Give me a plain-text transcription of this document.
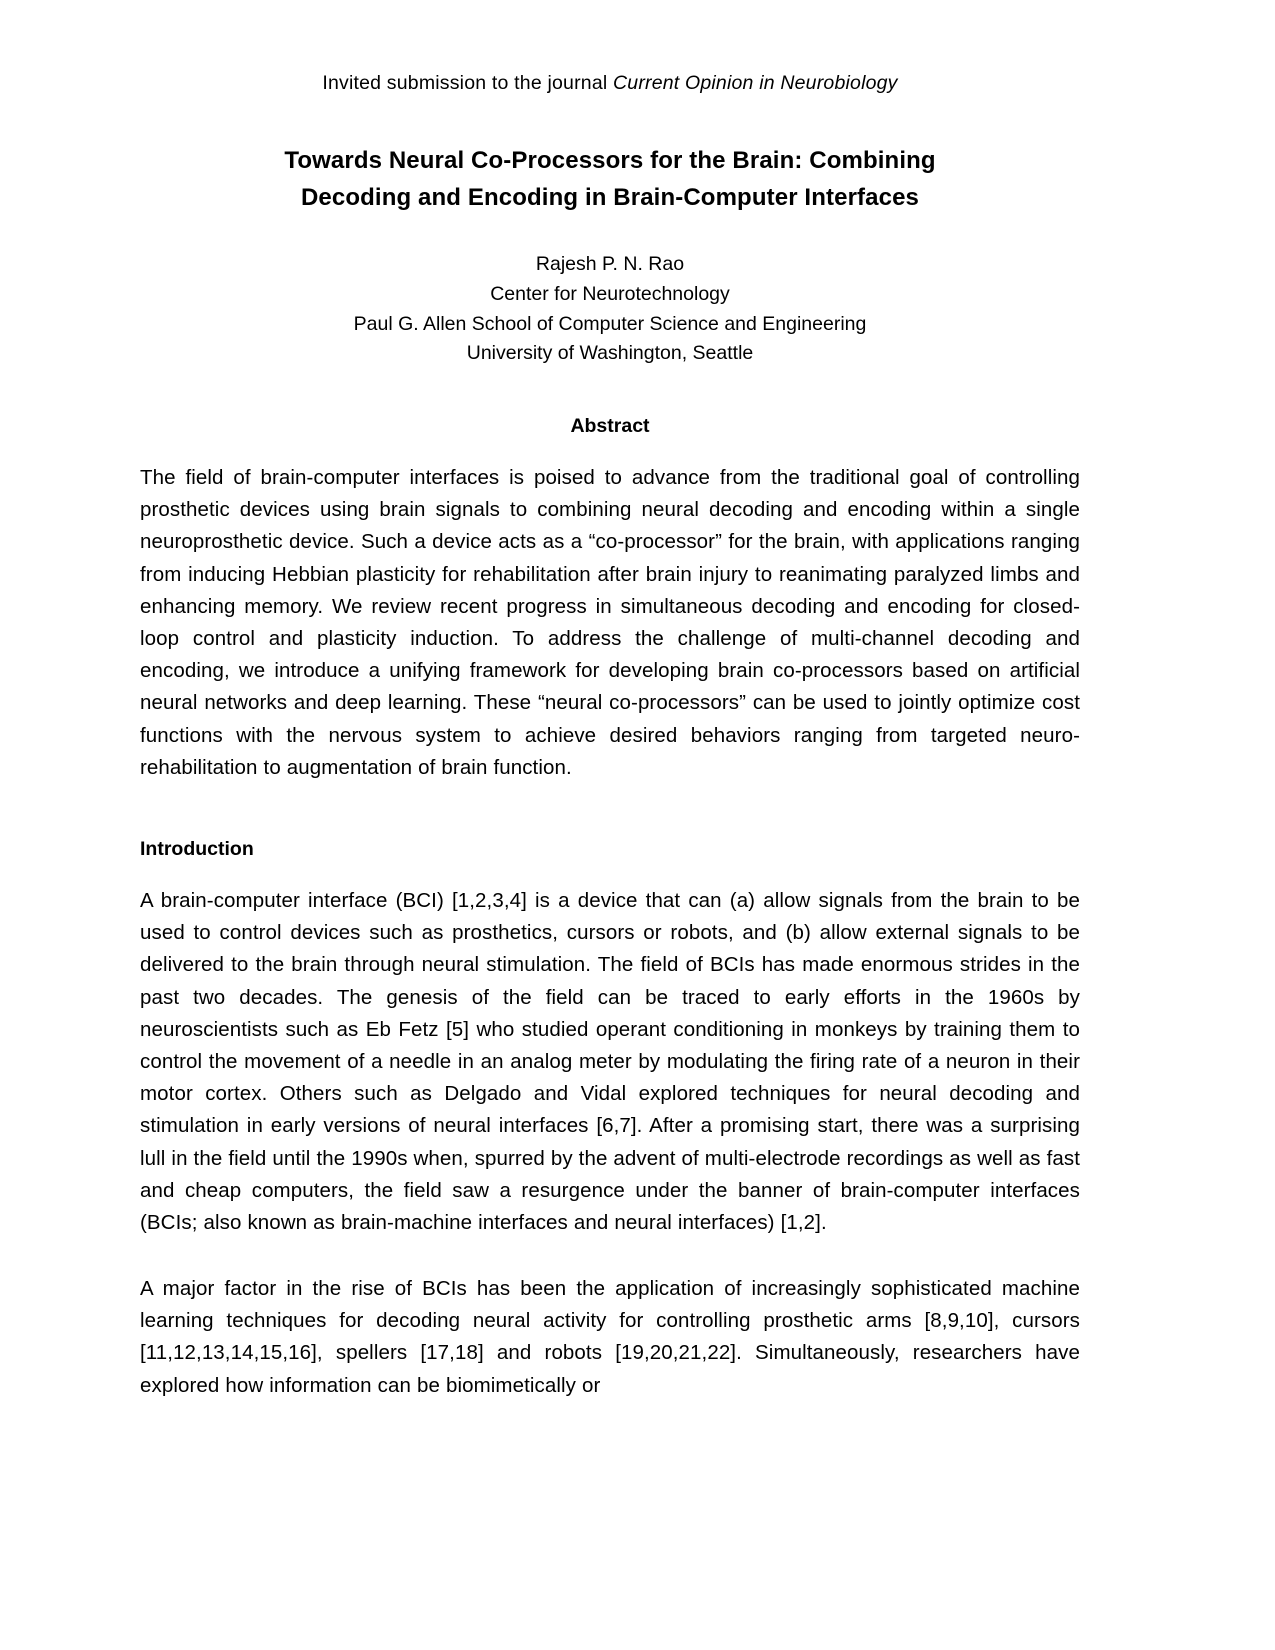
Invited submission to the journal Current Opinion in Neurobiology
Towards Neural Co-Processors for the Brain: Combining
Decoding and Encoding in Brain-Computer Interfaces
Rajesh P. N. Rao
Center for Neurotechnology
Paul G. Allen School of Computer Science and Engineering
University of Washington, Seattle
Abstract

The field of brain-computer interfaces is poised to advance from the traditional goal of controlling prosthetic devices using brain signals to combining neural decoding and encoding within a single neuroprosthetic device. Such a device acts as a “co-processor” for the brain, with applications ranging from inducing Hebbian plasticity for rehabilitation after brain injury to reanimating paralyzed limbs and enhancing memory. We review recent progress in simultaneous decoding and encoding for closed-loop control and plasticity induction. To address the challenge of multi-channel decoding and encoding, we introduce a unifying framework for developing brain co-processors based on artificial neural networks and deep learning. These “neural co-processors” can be used to jointly optimize cost functions with the nervous system to achieve desired behaviors ranging from targeted neuro-rehabilitation to augmentation of brain function.

Introduction

A brain-computer interface (BCI) [1,2,3,4] is a device that can (a) allow signals from the brain to be used to control devices such as prosthetics, cursors or robots, and (b) allow external signals to be delivered to the brain through neural stimulation. The field of BCIs has made enormous strides in the past two decades. The genesis of the field can be traced to early efforts in the 1960s by neuroscientists such as Eb Fetz [5] who studied operant conditioning in monkeys by training them to control the movement of a needle in an analog meter by modulating the firing rate of a neuron in their motor cortex. Others such as Delgado and Vidal explored techniques for neural decoding and stimulation in early versions of neural interfaces [6,7]. After a promising start, there was a surprising lull in the field until the 1990s when, spurred by the advent of multi-electrode recordings as well as fast and cheap computers, the field saw a resurgence under the banner of brain-computer interfaces (BCIs; also known as brain-machine interfaces and neural interfaces) [1,2].

A major factor in the rise of BCIs has been the application of increasingly sophisticated machine learning techniques for decoding neural activity for controlling prosthetic arms [8,9,10], cursors [11,12,13,14,15,16], spellers [17,18] and robots [19,20,21,22]. Simultaneously, researchers have explored how information can be biomimetically or
